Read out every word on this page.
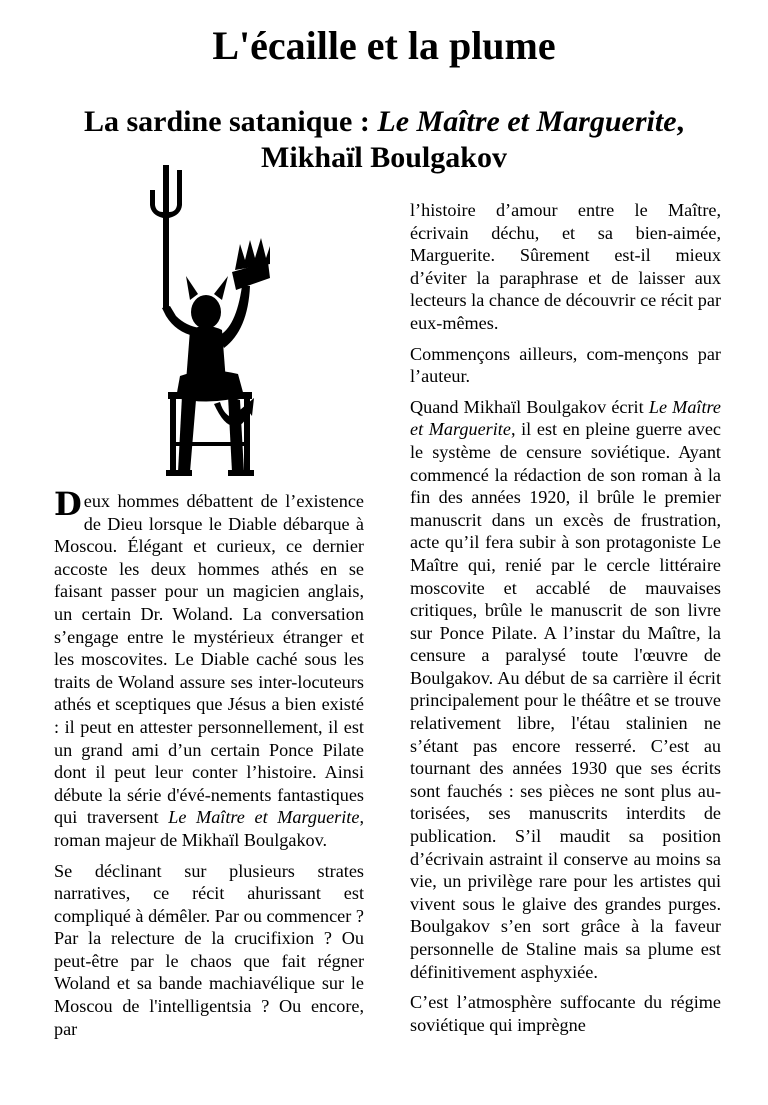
L'écaille et la plume
La sardine satanique : Le Maître et Marguerite,
Mikhaïl Boulgakov

Deux hommes débattent de l’existence de Dieu lorsque le Diable débarque à Moscou. Élégant et curieux, ce dernier accoste les deux hommes athés en se faisant passer pour un magicien anglais, un certain Dr. Woland. La conversation s’engage entre le mystérieux étranger et les moscovites. Le Diable caché sous les traits de Woland assure ses inter-locuteurs athés et sceptiques que Jésus a bien existé : il peut en attester personnellement, il est un grand ami d’un certain Ponce Pilate dont il peut leur conter l’histoire. Ainsi débute la série d'évé-nements fantastiques qui traversent Le Maître et Marguerite, roman majeur de Mikhaïl Boulgakov.

Se déclinant sur plusieurs strates narratives, ce récit ahurissant est compliqué à démêler. Par ou commencer ? Par la relecture de la crucifixion ? Ou peut-être par le chaos que fait régner Woland et sa bande machiavélique sur le Moscou de l'intelligentsia ? Ou encore, par

l’histoire d’amour entre le Maître, écrivain déchu, et sa bien-aimée, Marguerite. Sûrement est-il mieux d’éviter la paraphrase et de laisser aux lecteurs la chance de découvrir ce récit par eux-mêmes.

Commençons ailleurs, com-mençons par l’auteur.

Quand Mikhaïl Boulgakov écrit Le Maître et Marguerite, il est en pleine guerre avec le système de censure soviétique. Ayant commencé la rédaction de son roman à la fin des années 1920, il brûle le premier manuscrit dans un excès de frustration, acte qu’il fera subir à son protagoniste Le Maître qui, renié par le cercle littéraire moscovite et accablé de mauvaises critiques, brûle le manuscrit de son livre sur Ponce Pilate. A l’instar du Maître, la censure a paralysé toute l'œuvre de Boulgakov. Au début de sa carrière il écrit principalement pour le théâtre et se trouve relativement libre, l'étau stalinien ne s’étant pas encore resserré. C’est au tournant des années 1930 que ses écrits sont fauchés : ses pièces ne sont plus au-torisées, ses manuscrits interdits de publication. S’il maudit sa position d’écrivain astraint il conserve au moins sa vie, un privilège rare pour les artistes qui vivent sous le glaive des grandes purges. Boulgakov s’en sort grâce à la faveur personnelle de Staline mais sa plume est définitivement asphyxiée.

C’est l’atmosphère suffocante du régime soviétique qui imprègne
